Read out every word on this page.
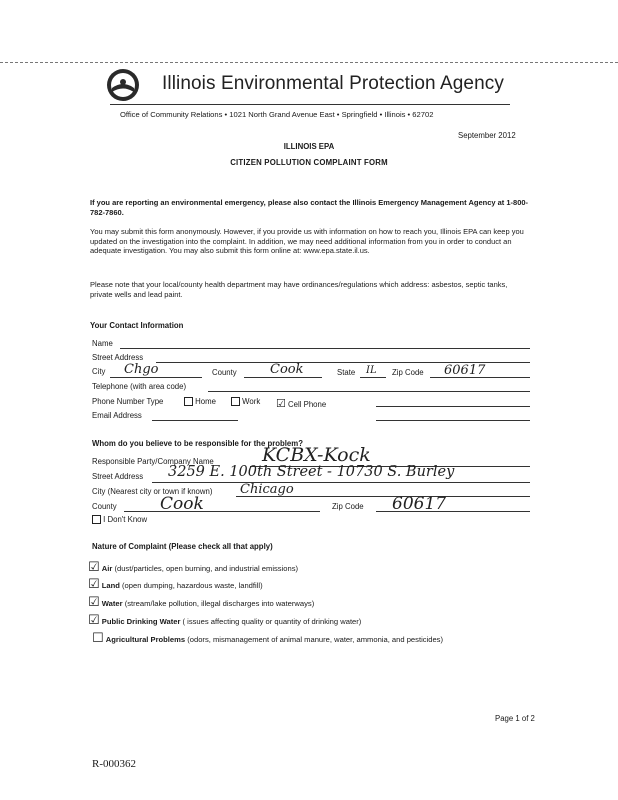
Illinois Environmental Protection Agency
Office of Community Relations • 1021 North Grand Avenue East • Springfield • Illinois • 62702
September 2012
ILLINOIS EPA
CITIZEN POLLUTION COMPLAINT FORM
If you are reporting an environmental emergency, please also contact the Illinois Emergency Management Agency at 1-800-782-7860.
You may submit this form anonymously. However, if you provide us with information on how to reach you, Illinois EPA can keep you updated on the investigation into the complaint. In addition, we may need additional information from you in order to conduct an adequate investigation. You may also submit this form online at: www.epa.state.il.us.
Please note that your local/county health department may have ordinances/regulations which address: asbestos, septic tanks, private wells and lead paint.
Your Contact Information
Name
Street Address
City Chgo	County	Cook	State IL Zip Code 60617
Telephone (with area code)
Phone Number Type	Home	Work ☑ Cell Phone
Email Address
Whom do you believe to be responsible for the problem?
Responsible Party/Company Name	KCBX-Kock
Street Address 3259 E. 100th Street - 10730 S. Burley
City (Nearest city or town if known) Chicago
County	Cook	Zip Code 60617
I Don't Know
Nature of Complaint (Please check all that apply)
☑ Air (dust/particles, open burning, and industrial emissions)
☑ Land (open dumping, hazardous waste, landfill)
☑ Water (stream/lake pollution, illegal discharges into waterways)
☑ Public Drinking Water ( issues affecting quality or quantity of drinking water)
☐ Agricultural Problems (odors, mismanagement of animal manure, water, ammonia, and pesticides)
Page 1 of 2
R-000362
